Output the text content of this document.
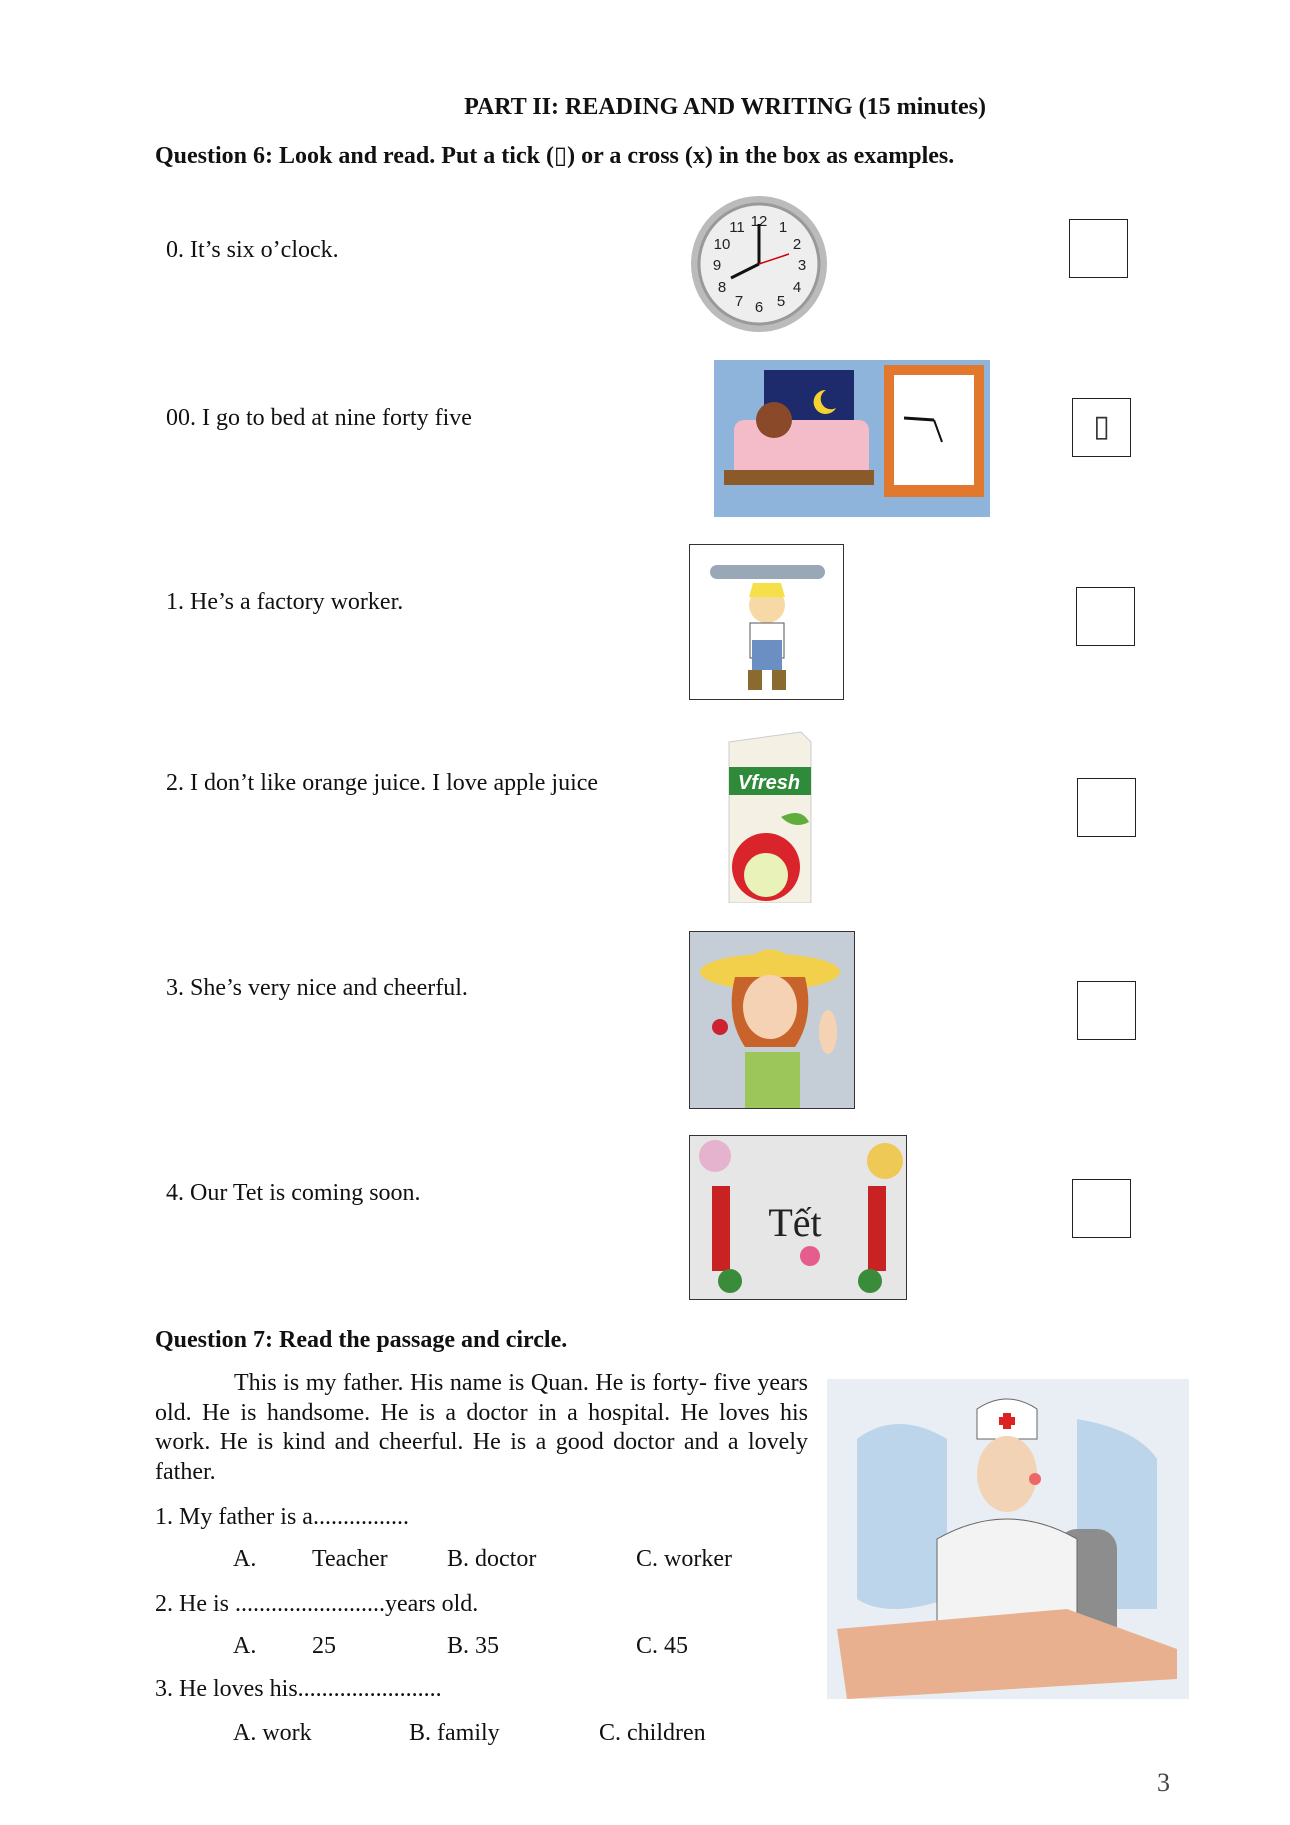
PART II: READING AND WRITING (15 minutes)
Question 6: Look and read. Put a tick (▯) or a cross (x) in the box as examples.
0. It’s six o’clock.
00. I go to bed at nine forty five
1. He’s a factory worker.
2. I don’t like orange juice. I love apple juice
3. She’s very nice and cheerful.
4. Our Tet is coming soon.
12 1
2
3
4
5
6
7
8
9
10
11
Vfresh
Tết
▯
Question 7: Read the passage and circle.
This is my father. His name is Quan. He is forty- five years old. He is handsome. He is a doctor in a hospital. He loves his work. He is kind and cheerful. He is a good doctor and a lovely father.
1. My father is a................
A. Teacher B. doctor	C. worker
2. He is .........................years old.
A. 25	B. 35	C. 45
3. He loves his........................
A. work	B. family	C. children
3
